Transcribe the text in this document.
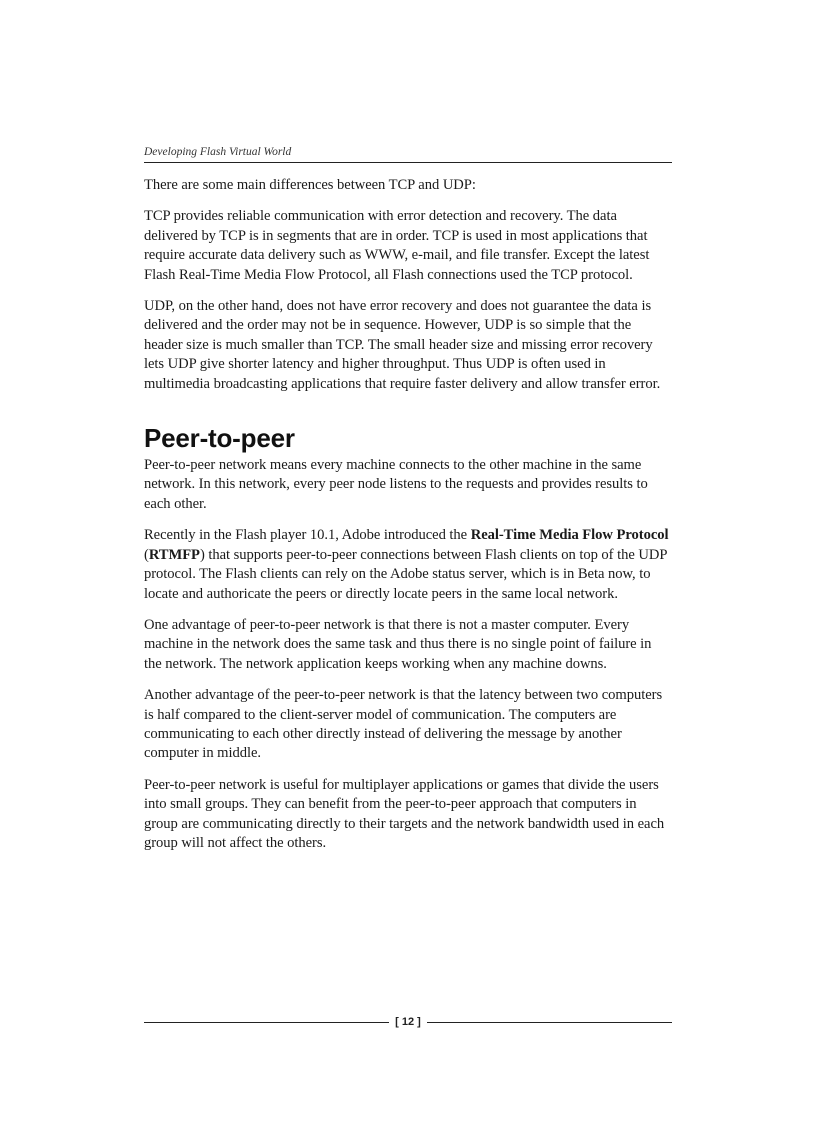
Developing Flash Virtual World

There are some main differences between TCP and UDP:

TCP provides reliable communication with error detection and recovery. The data delivered by TCP is in segments that are in order. TCP is used in most applications that require accurate data delivery such as WWW, e-mail, and file transfer. Except the latest Flash Real-Time Media Flow Protocol, all Flash connections used the TCP protocol.

UDP, on the other hand, does not have error recovery and does not guarantee the data is delivered and the order may not be in sequence. However, UDP is so simple that the header size is much smaller than TCP. The small header size and missing error recovery lets UDP give shorter latency and higher throughput. Thus UDP is often used in multimedia broadcasting applications that require faster delivery and allow transfer error.

Peer-to-peer

Peer-to-peer network means every machine connects to the other machine in the same network. In this network, every peer node listens to the requests and provides results to each other.

Recently in the Flash player 10.1, Adobe introduced the Real-Time Media Flow Protocol (RTMFP) that supports peer-to-peer connections between Flash clients on top of the UDP protocol. The Flash clients can rely on the Adobe status server, which is in Beta now, to locate and authoricate the peers or directly locate peers in the same local network.

One advantage of peer-to-peer network is that there is not a master computer. Every machine in the network does the same task and thus there is no single point of failure in the network. The network application keeps working when any machine downs.

Another advantage of the peer-to-peer network is that the latency between two computers is half compared to the client-server model of communication. The computers are communicating to each other directly instead of delivering the message by another computer in middle.

Peer-to-peer network is useful for multiplayer applications or games that divide the users into small groups. They can benefit from the peer-to-peer approach that computers in group are communicating directly to their targets and the network bandwidth used in each group will not affect the others.

[ 12 ]
